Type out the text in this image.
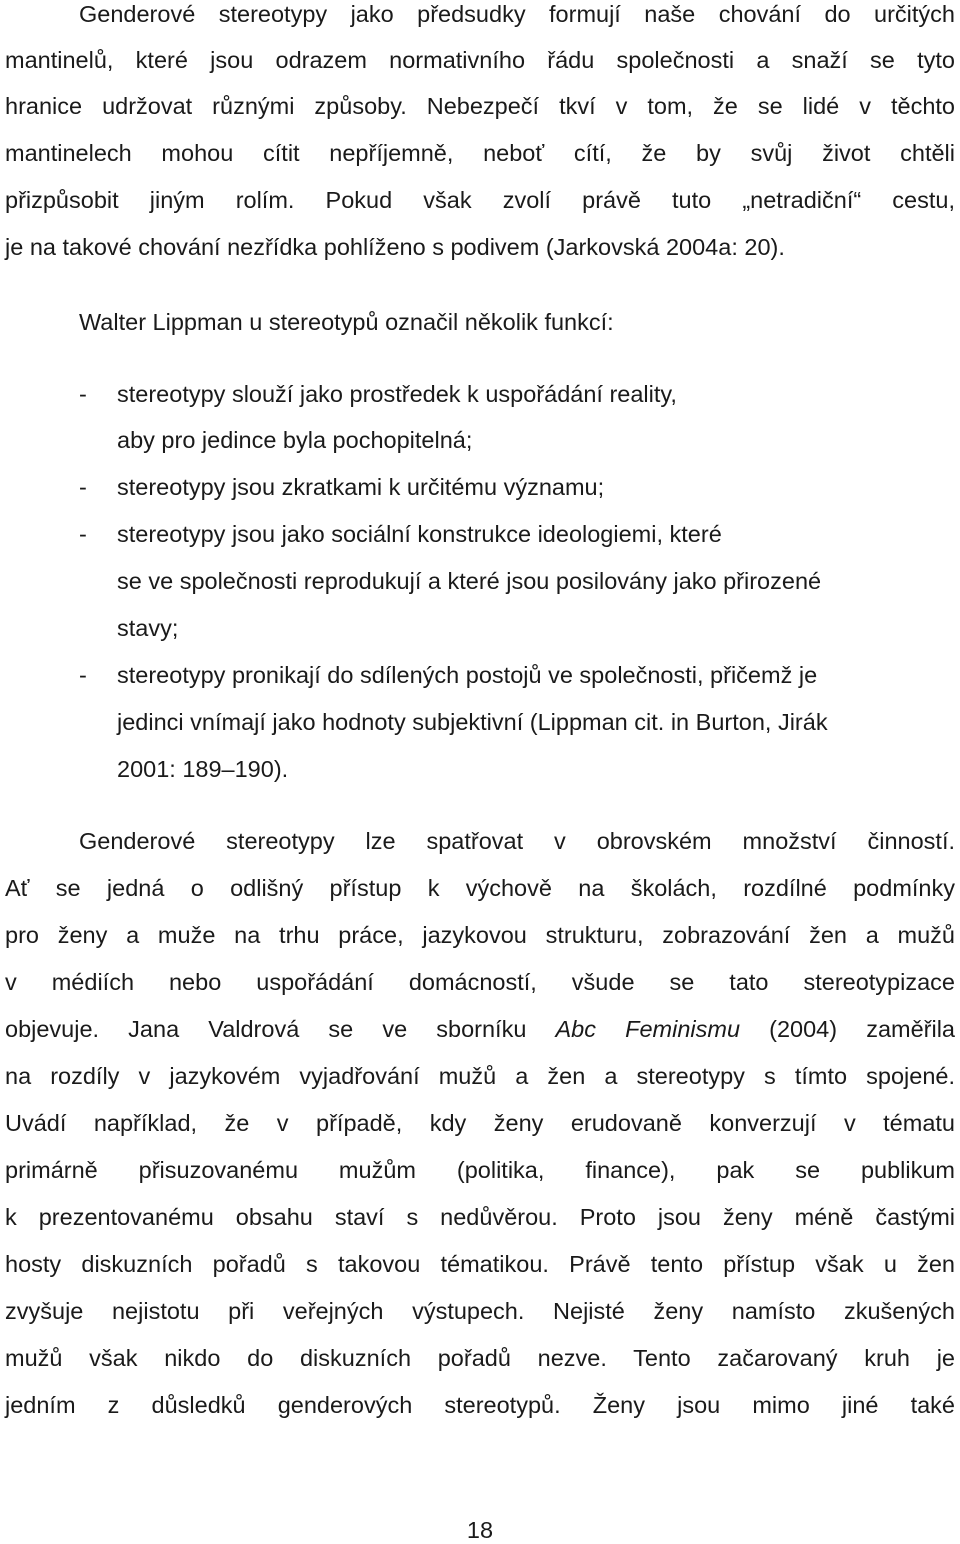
Genderové stereotypy jako předsudky formují naše chování do určitých
mantinelů, které jsou odrazem normativního řádu společnosti a snaží se tyto
hranice udržovat různými způsoby. Nebezpečí tkví v tom, že se lidé v těchto
mantinelech mohou cítit nepříjemně, neboť cítí, že by svůj život chtěli
přizpůsobit jiným rolím. Pokud však zvolí právě tuto „netradiční“ cestu,
je na takové chování nezřídka pohlíženo s podivem (Jarkovská 2004a: 20).
Walter Lippman u stereotypů označil několik funkcí:
- stereotypy slouží jako prostředek k uspořádání reality,
aby pro jedince byla pochopitelná;
- stereotypy jsou zkratkami k určitému významu;
- stereotypy jsou jako sociální konstrukce ideologiemi, které
se ve společnosti reprodukují a které jsou posilovány jako přirozené
stavy;
- stereotypy pronikají do sdílených postojů ve společnosti, přičemž je
jedinci vnímají jako hodnoty subjektivní (Lippman cit. in Burton, Jirák
2001: 189–190).
Genderové stereotypy lze spatřovat v obrovském množství činností.
Ať se jedná o odlišný přístup k výchově na školách, rozdílné podmínky
pro ženy a muže na trhu práce, jazykovou strukturu, zobrazování žen a mužů
v médiích nebo uspořádání domácností, všude se tato stereotypizace
objevuje. Jana Valdrová se ve sborníku Abc Feminismu (2004) zaměřila
na rozdíly v jazykovém vyjadřování mužů a žen a stereotypy s tímto spojené.
Uvádí například, že v případě, kdy ženy erudovaně konverzují v tématu
primárně přisuzovanému mužům (politika, finance), pak se publikum
k prezentovanému obsahu staví s nedůvěrou. Proto jsou ženy méně častými
hosty diskuzních pořadů s takovou tématikou. Právě tento přístup však u žen
zvyšuje nejistotu při veřejných výstupech. Nejisté ženy namísto zkušených
mužů však nikdo do diskuzních pořadů nezve. Tento začarovaný kruh je
jedním z důsledků genderových stereotypů. Ženy jsou mimo jiné také
18
